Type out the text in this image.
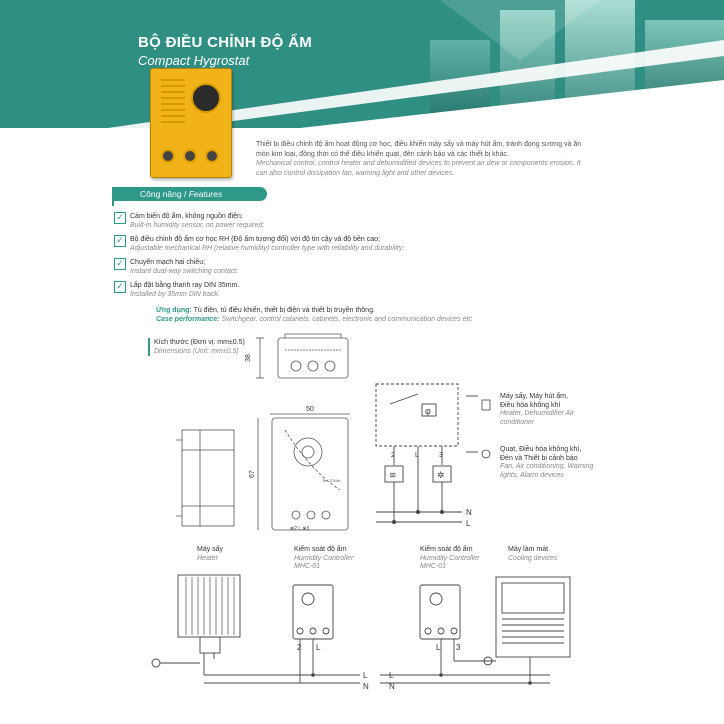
BỘ ĐIỀU CHỈNH ĐỘ ẨM
Compact Hygrostat
Thiết bị điều chỉnh độ ẩm hoạt động cơ học, điều khiển máy sấy và máy hút ẩm, tránh đọng sương và ăn mòn kim loại, đồng thời có thể điều khiển quạt, đèn cảnh báo và các thiết bị khác.
Mechanical control, control heater and dehumidified devices to prevent air dew or components erosion. It can also control dissipation fan, warning light and other devices.
Công năng / Features
✓ Cảm biến độ ẩm, không nguồn điện;
Built-in humidity sensor, no power required;
✓ Bộ điều chỉnh độ ẩm cơ học RH (Độ ẩm tương đối) với độ tin cậy và độ bền cao;
Adjustable mechanical RH (relative humidity) controller type with reliability and durability;
✓ Chuyển mạch hai chiều;
Instant dual-way switching contact;
✓ Lắp đặt bằng thanh ray DIN 35mm.
Installed by 35mm DIN track.
Ứng dụng: Tủ điện, tủ điều khiển, thiết bị điện và thiết bị truyền thông.
Case performance: Switchgear, control cabinets, cabinets, electronic and communication devices etc
Kích thước (Đơn vị: mm±0.5)
Dimensions (Unit: mm±0.5)
38
50
67
Tel: 3°/Min
⊗2 L ⊗3
φ
≋	✲
2	L	3
N
L
Máy sấy, Máy hút ẩm, Điều hòa không khí
Heater, Dehumidifier Air conditioner
Quạt, Điều hòa không khí, Đèn và Thiết bị cảnh báo
Fan, Air conditioning, Warning lights, Alarm devices
Máy sấy
Heater
Kiểm soát độ ẩm
Humidity Controller
MHC-01
Kiểm soát độ ẩm
Humidity Controller
MHC-01
Máy làm mát
Cooling devices
2 L	L 3
L
N
L
N
